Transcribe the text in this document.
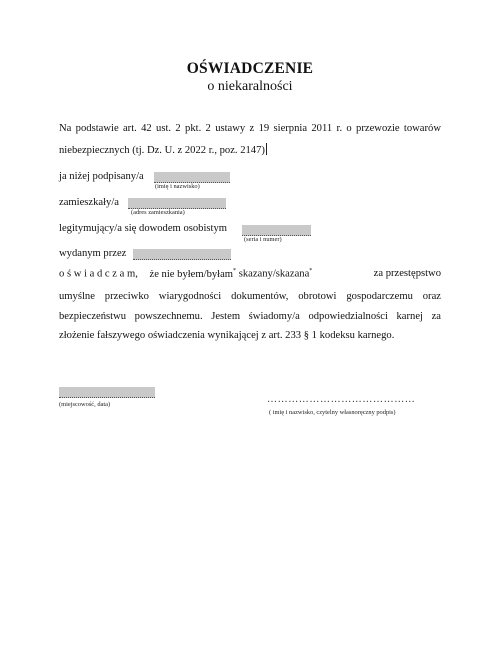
OŚWIADCZENIE
o niekaralności
Na podstawie art. 42 ust. 2 pkt. 2 ustawy z 19 sierpnia 2011 r. o przewozie towarów
niebezpiecznych (tj. Dz. U. z 2022 r., poz. 2147)
ja niżej podpisany/a
(imię i nazwisko)
zamieszkały/a
(adres zamieszkania)
legitymujący/a się dowodem osobistym
(seria i numer)
wydanym przez
o ś w i a d c z a m, że nie byłem/byłam* skazany/skazana*	za przestępstwo
umyślne przeciwko wiarygodności dokumentów, obrotowi gospodarczemu oraz
bezpieczeństwu powszechnemu. Jestem świadomy/a odpowiedzialności karnej za
złożenie fałszywego oświadczenia wynikającej z art. 233 § 1 kodeksu karnego.
(miejscowość, data)	……………………………………
( imię i nazwisko, czytelny własnoręczny podpis)
